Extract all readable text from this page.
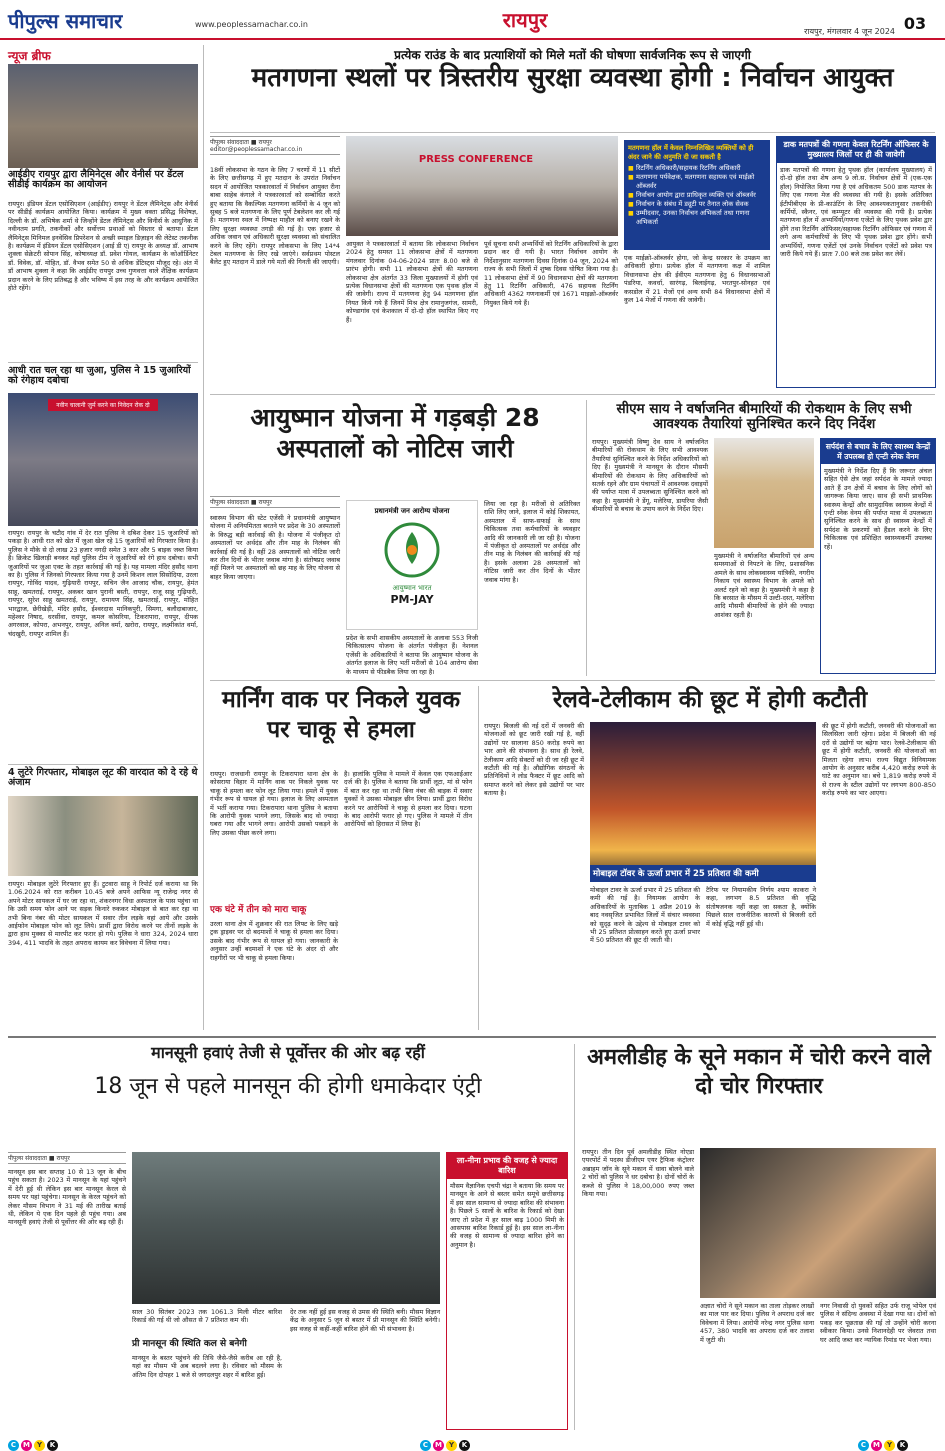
पीपुल्स समाचार	www.peoplessamachar.co.in	रायपुर	रायपुर, मंगलवार 4 जून 2024 03
न्यूज ब्रीफ
आईडीए रायपुर द्वारा लैमिनेट्स और वेनीर्स पर डेंटल सीडीई कार्यक्रम का आयोजन
रायपुर। इंडियन डेंटल एसोसिएशन (आईडीए) रायपुर ने डेंटल लैमिनेट्स और वेनीर्स पर सीडीई कार्यक्रम आयोजित किया। कार्यक्रम में मुख्य वक्ता प्रसिद्ध विशेषज्ञ, दिल्ली के डॉ. अभिषेक शर्मा थे जिन्होंने डेंटल लैमिनेट्स और विनीर्स के आधुनिक में नवीनतम प्रगति, तकनीकों और सर्वोत्तम प्रथाओं को विस्तार से बताया। डेंटल लैमिनेट्स मिनिमल इनवेसिव प्रिपरेशन से अच्छी स्माइल डिज़ाइन की लेटेस्ट तकनीक है। कार्यक्रम में इंडियन डेंटल एसोसिएशन (आई डी ए) रायपुर के अध्यक्ष डॉ. आभाष शुक्ला सेक्रेटरी सोपान सिंह, कोषाध्यक्ष डॉ. प्रवेश गोयल, कार्यक्रम के कोऑर्डिनेटर डॉ. विवेक, डॉ. मोहित, डॉ. वैभव समेत 50 से अधिक डेंटिस्ट्स मौजूद रहे। अंत में डॉ आभाष शुक्ला ने कहा कि आईडीए रायपुर उच्च गुणवत्ता वाले शैक्षिक कार्यक्रम प्रदान करने के लिए प्रतिबद्ध है और भविष्य में इस तरह के और कार्यक्रम आयोजित होते रहेंगे।
आधी रात चल रहा था जुआ, पुलिस ने 15 जुआरियों को रंगेहाथ दबोचा
नवीन चालानी जुर्म करने का निवेदन रोक दो
रायपुर। रायपुर के चटौद गांव में देर रात पुलिस ने दबिश देकर 15 जुआरियों को पकड़ा है। आधी रात को खेत में जुआ खेल रहे 15 जुआरियों को गिरफ्तार किया है। पुलिस ने मौके से दो लाख 23 हजार नगदी समेत 3 कार और 5 बाइक जब्त किया है। क्रिकेट खिलाड़ी बनकर यहाँ पुलिस टीम ने जुआरियों को रंगे हाथ दबोचा। सभी जुआरियों पर जुआ एक्ट के तहत कार्रवाई की गई है। यह मामला मंदिर हसौद थाना का है। पुलिस ने जिनको गिरफ्तार किया गया है उनमें किशन लाल सिसोदिया, उरला रायपुर, गोविंद यादव, गुढ़ियारी रायपुर, सचिन जैन आजाद चौक, रायपुर, हेमंत साहू, खमतराई, रायपुर, अकबर खान पुरानी बस्ती, रायपुर, राजू साहू गुढ़ियारी, रायपुर, सुरेश साहू खमतराई, रायपुर, रामायण सिंह, खमतराई, रायपुर, मोहित भारद्वाज, छेरीखेड़ी, मंदिर हसौद, ईश्वरदास मानिकपुरी, सिमगा, बलौदाबाजार, महेश्वर निषाद, धरसींवा, रायपुर, कमल कोसरिया, टिकरापारा, रायपुर, दीपक अगरवाल, कोपरा, अभनपुर, रायपुर, अनिल वर्मा, खरोरा, रायपुर, लक्ष्मीकांत वर्मा, चंदखुरी, रायपुर शामिल हैं।
4 लुटेरे गिरफ्तार, मोबाइल लूट की वारदात को दे रहे थे अंजाम
रायपुर। मोबाइल लुटेरे गिरफ्तार हुए हैं। टुटवारा साहू ने रिपोर्ट दर्ज कराया था कि 1.06.2024 को रात करीबन 10.45 बजे अपने आफिस न्यू राजेन्द्र नगर से अपने मोटर सायकल में घर जा रहा था, शंकरनगर विधा अस्पताल के पास पहुंचा था कि उसी समय फोन आने पर सड़क किनारे रुककर मोबाइल से बात कर रहा था तभी बिना नंबर की मोटर सायकल में सवार तीन लड़के वहां आये और उसके आईफोन मोबाइल फोन को लूट लिये। प्रार्थी द्वारा विरोध करने पर तीनों लड़के के द्वारा हाथ मुक्का से मारपीट कर फरार हो गये। पुलिस ने धारा 324, 2024 धारा 394, 411 भादवि के तहत अपराध कायम कर विवेचना में लिया गया।
प्रत्येक राउंड के बाद प्रत्याशियों को मिले मतों की घोषणा सार्वजनिक रूप से जाएगी
मतगणना स्थलों पर त्रिस्तरीय सुरक्षा व्यवस्था होगी : निर्वाचन आयुक्त
पीपुल्स संवाददाता ■ रायपुर
editor@peoplessamachar.co.in
18वीं लोकसभा के गठन के लिए 7 चरणों में 11 सीटों के लिए छत्तीसगढ़ में हुए मतदान के उपरांत निर्वाचन सदन में आयोजित पत्रकारवार्ता में निर्वाचन आयुक्त रीना बाबा साहेब कंगाले ने पत्रकारवार्ता को सम्बोधित करते हुए बताया कि वैकल्पिक मतगणना कर्मियों के 4 जून को सुबह 5 बजे मतगणना के लिए पूर्ण टेबलेशन कर ली गई है। मतगणना स्थल में निष्पक्ष माहौल को बनाए रखने के लिए सुरक्षा व्यवस्था तगड़ी की गई है। एक हजार से अधिक जवान एवं अधिकारी सुरक्षा व्यवस्था को संचालित करने के लिए रहेंगे। रायपुर लोकसभा के लिए 14*4 टेबल मतगणना के लिए रखे जाएंगे। सर्वप्रथम पोस्टल बैलेट हुए मतदान में डाले गये मतों की गिनती की जाएगी।
PRESS CONFERENCE
आयुक्त ने पत्रकारवार्ता में बताया कि लोकसभा निर्वाचन 2024 हेतु समस्त 11 लोकसभा क्षेत्रों में मतगणना मंगलवार दिनांक 04-06-2024 प्रातः 8.00 बजे से प्रारंभ होगी। सभी 11 लोकसभा क्षेत्रों की मतगणना लोकसभा क्षेत्र अंतर्गत 33 जिला मुख्यालयों में होगी एवं प्रत्येक विधानसभा क्षेत्रों की मतगणना एक पृथक हॉल में की जावेगी। राज्य में मतगणना हेतु 94 मतगणना हॉल नियत किये गये हैं जिनमें मिश्र क्षेत्र रामानुजगंज, सामरी, कोण्डागांव एवं केशकाल में दो-दो हॉल स्थापित किए गए हैं।
पूर्व सूचना सभी अभ्यर्थियों को रिटर्निंग अधिकारियों के द्वारा प्रदान कर दी गयी है। भारत निर्वाचन आयोग के निर्देशानुसार मतगणना दिवस दिनांक 04 जून, 2024 को राज्य के सभी जिलों में शुष्क दिवस घोषित किया गया है। 11 लोकसभा क्षेत्रों में 90 विधानसभा क्षेत्रों की मतगणना हेतु 11 रिटर्निंग अधिकारी, 476 सहायक रिटर्निंग अधिकारी 4362 गणनाकर्मी एवं 1671 माइक्रो-ऑब्जर्वर नियुक्त किये गये हैं।
मतगणना हॉल में केवल निम्नलिखित व्यक्तियों को ही अंदर जाने की अनुमति दी जा सकती है
■ रिटर्निंग अधिकारी/सहायक रिटर्निंग अधिकारी
■ मतगणना पर्यवेक्षक, मतगणना सहायक एवं माईक्रो ऑब्जर्वर
■ निर्वाचन आयोग द्वारा प्राधिकृत व्यक्ति एवं ऑब्जर्वर
■ निर्वाचन के संबंध में ड्यूटी पर तैनात लोक सेवक
■ उम्मीदवार, उनका निर्वाचन अभिकर्ता तथा गणना अभिकर्ता
एक माईक्रो-ऑब्जर्वर होगा, जो केन्द्र सरकार के उपक्रम का अधिकारी होगा। प्रत्येक हॉल में मतगणना कक्ष में शामिल विधानसभा क्षेत्र की ईवीएम मतगणना हेतु 6 विधानसभाओं पंडरिया, कवर्धा, सारंगढ़, बिलाईगढ़, भरतपुर-सोनहत एवं कसडोल में 21 मेजों एवं अन्य सभी 84 विधानसभा क्षेत्रों में कुल 14 मेजों में गणना की जावेगी।
डाक मतपत्रों की गणना केवल रिटर्निंग ऑफिसर के मुख्यालय जिलों पर ही की जावेगी
डाक मतपत्रों की गणना हेतु पृथक हॉल (कार्यालय मुख्यालय) में दो-दो हॉल तथा शेष अन्य 9 लो.स. निर्वाचन क्षेत्रों में (एक-एक हॉल) नियोजित किया गया है एवं अधिकतम 500 डाक मतपत्र के लिए एक गणना मेज की व्यवस्था की गयी है। इसके अतिरिक्त ईटीपीबीएस के प्री-काउंटिंग के लिए आवश्यकतानुसार तकनीकी कर्मियों, स्कैनर, एवं कम्प्यूटर की व्यवस्था की गयी है। प्रत्येक मतगणना हॉल में अभ्यर्थियों/गणना एजेंटों के लिए पृथक प्रवेश द्वार होंगे तथा रिटर्निंग ऑफिसर/सहायक रिटर्निंग ऑफिसर एवं गणना में लगे अन्य कर्मचारियों के लिए भी पृथक प्रवेश द्वार होंगे। सभी अभ्यर्थियों, गणना एजेंटों एवं उनके निर्वाचन एजेंटों को प्रवेश पत्र जारी किये गये हैं। प्रातः 7.00 बजे तक प्रवेश कर लेवें।
आयुष्मान योजना में गड़बड़ी 28 अस्पतालों को नोटिस जारी
पीपुल्स संवाददाता ■ रायपुर
स्वास्थ्य विभाग की स्टेट एजेंसी ने प्रधानमंत्री आयुष्मान योजना में अनियमितता बरतने पर प्रदेश के 30 अस्पतालों के विरुद्ध बड़ी कार्रवाई की है। योजना में पंजीकृत दो अस्पतालों पर अर्थदंड और तीन माह के निलंबन की कार्रवाई की गई है। वहीं 28 अस्पतालों को नोटिस जारी कर तीन दिनों के भीतर जवाब मांगा है। संतोषप्रद जवाब नहीं मिलने पर अस्पतालों को छह माह के लिए योजना से बाहर किया जाएगा।
प्रधानमंत्री जन आरोग्य योजना
आयुष्मान भारत
PM-JAY
प्रदेश के सभी शासकीय अस्पतालों के अलावा 553 निजी चिकित्सालय योजना के अंतर्गत पंजीकृत हैं। नेशनल एजेंसी के अधिकारियों ने बताया कि आयुष्मान योजना के अंतर्गत इलाज के लिए भर्ती मरीजों से 104 आरोग्य सेवा के माध्यम से फीडबैक लिया जा रहा है।
लिया जा रहा है। मरीजों से अतिरिक्त राशि लिए जाने, इलाज में कोई शिकायत, अस्पताल में साफ-सफाई के साथ चिकित्सक तथा कर्मचारियों के व्यवहार आदि की जानकारी ली जा रही है। योजना में पंजीकृत दो अस्पतालों पर अर्थदंड और तीन माह के निलंबन की कार्रवाई की गई है। इसके अलावा 28 अस्पतालों को नोटिस जारी कर तीन दिनों के भीतर जवाब मांगा है।
सीएम साय ने वर्षाजनित बीमारियों की रोकथाम के लिए सभी आवश्यक तैयारियां सुनिश्चित करने दिए निर्देश
रायपुर। मुख्यमंत्री विष्णु देव साय ने वर्षाजनित बीमारियों की रोकथाम के लिए सभी आवश्यक तैयारियां सुनिश्चित करने के निर्देश अधिकारियों को दिए हैं। मुख्यमंत्री ने मानसून के दौरान मौसमी बीमारियों की रोकथाम के लिए अधिकारियों को सतर्क रहने और ग्राम पंचायतों में आवश्यक दवाइयों की पर्याप्त मात्रा में उपलब्धता सुनिश्चित करने को कहा है। मुख्यमंत्री ने डेंगू, मलेरिया, डायरिया जैसी बीमारियों से बचाव के उपाय करने के निर्देश दिए।
मुख्यमंत्री ने वर्षाजनित बीमारियों एवं अन्य समस्याओं से निपटने के लिए, प्रशासनिक अमले के साथ लोकस्वास्थ्य यांत्रिकी, नगरीय निकाय एवं स्वास्थ्य विभाग के अमले को अलर्ट रहने को कहा है। मुख्यमंत्री ने कहा है कि बरसात के मौसम में उल्टी-दस्त, मलेरिया आदि मौसमी बीमारियों के होने की ज्यादा आशंका रहती है।
सर्पदंश से बचाव के लिए स्वास्थ्य केन्द्रों में उपलब्ध हो एन्टी स्नेक वेनम
मुख्यमंत्री ने निर्देश दिए हैं कि जरूरत अंचल सहित ऐसे क्षेत्र जहां सर्पदंश के मामले ज्यादा आते हैं उन क्षेत्रों में बचाव के लिए लोगों को जागरूक किया जाए। साथ ही सभी प्राथमिक स्वास्थ्य केन्द्रों और सामुदायिक स्वास्थ्य केन्द्रों में एन्टी स्नेक वेनम की पर्याप्त मात्रा में उपलब्धता सुनिश्चित करने के साथ ही स्वास्थ्य केन्द्रों में सर्पदंश के प्रकरणों को हैंडल करने के लिए चिकित्सक एवं प्रशिक्षित स्वास्थ्यकर्मी उपलब्ध रहें।
मार्निंग वाक पर निकले युवक पर चाकू से हमला
रायपुर। राजधानी रायपुर के टिकरापारा थाना क्षेत्र के कोसराया विहार में मार्निंग वाक पर निकले युवक पर चाकू से हमला कर फोन लूट लिया गया। हमले में युवक गंभीर रूप से घायल हो गया। इलाज के लिए अस्पताल में भर्ती कराया गया। टिकरापारा थाना पुलिस ने बताया कि आरोपी युवक भागने लगा, जिसके बाद वो ज्यादा घबरा गया और भागने लगा। आरोपी उसको पकड़ने के लिए उसका पीछा करने लगा।
एक घंटे में तीन को मारा चाकू
उरला थाना क्षेत्र में शुक्रवार की रात लिफ्ट के लिए खड़े ट्रक ड्राइवर पर दो बदमाशों ने चाकू से हमला कर दिया। उसके बाद गंभीर रूप से घायल हो गया। जानकारी के अनुसार उन्हीं बदमाशों ने एक घंटे के अंदर दो और राहगीरों पर भी चाकू से हमला किया।
है। हालांकि पुलिस ने मामले में केवल एक एफआईआर दर्ज की है। पुलिस ने बताया कि प्रार्थी लूटा, मां से फोन में बात कर रहा था तभी बिना नंबर की बाइक में सवार युवकों ने उसका मोबाइल छीन लिया। प्रार्थी द्वारा विरोध करने पर आरोपियों ने चाकू से हमला कर दिया। घटना के बाद आरोपी फरार हो गए। पुलिस ने मामले में तीन आरोपियों को हिरासत में लिया है।
रेलवे-टेलीकाम की छूट में होगी कटौती
रायपुर। बिजली की नई दरों में जनवरी की योजनाओं को छूट जारी रखी गई है, वहीं उद्योगों पर सालाना 850 करोड़ रुपये का भार आने की संभावना है। साथ ही रेलवे, टेलीकाम आदि सेक्टरों को दी जा रही छूट में कटौती की गई है। औद्योगिक संगठनों के प्रतिनिधियों ने लोड फैक्टर में छूट आदि को समाप्त करने को लेकर इसे उद्योगों पर भार बताया है।
मोबाइल टॉवर के ऊर्जा प्रभार में 25 प्रतिशत की कमी
मोबाइल टावर के ऊर्जा प्रभार में 25 प्रतिशत की कमी की गई है। नियामक आयोग के अधिकारियों के मुताबिक 1 अप्रैल 2019 के बाद नवसृजित प्रभावित जिलों में संचार व्यवस्था को सुदृढ़ करने के उद्देश्य से मोबाइल टावर को भी 25 प्रतिशत प्रोत्साहन करते हुए ऊर्जा प्रभार में 50 प्रतिशत की छूट दी जाती थी।
टैरिफ पर नियामकीय निर्णय श्याम काकरा ने कहा, लगभग 8.5 प्रतिशत की वृद्धि संतोषजनक नहीं कहा जा सकता है, क्योंकि पिछले साल राजनीतिक कारणों से बिजली दरों में कोई वृद्धि नहीं हुई थी।
की छूट में होगी कटौती, जनवरी की योजनाओं का सिलसिला जारी रहेगा। प्रदेश में बिजली की नई दरों से उद्योगों पर बढ़ेगा भार। रेलवे-टेलीकाम की छूट में होगी कटौती, जनवरी की योजनाओं का मिलता रहेगा लाभ। राज्य विद्युत विनियामक आयोग के अनुसार करीब 4,420 करोड़ रुपये के घाटे का अनुमान था। बचे 1,819 करोड़ रुपये में से राज्य के स्टील उद्योगों पर लगभग 800-850 करोड़ रुपये का भार आएगा।
मानसूनी हवाएं तेजी से पूर्वोत्तर की ओर बढ़ रहीं
18 जून से पहले मानसून की होगी धमाकेदार एंट्री
पीपुल्स संवाददाता ■ रायपुर
मानसून इस बार सप्ताह 10 से 13 जून के बीच पहुंच सकता है। 2023 में मानसून के यहां पहुंचने में देरी हुई थी लेकिन इस बार मानसून केरल से समय पर यहां पहुंचेगा। मानसून के केरल पहुंचने को लेकर मौसम विभाग ने 31 मई की तारीख बताई थी, लेकिन ये एक दिन पहले ही पहुंच गया। अब मानसूनी हवाएं तेजी से पूर्वोत्तर की ओर बढ़ रही हैं।
साल 30 सितंबर 2023 तक 1061.3 मिली मीटर बारिश रिकार्ड की गई थी जो औसत से 7 प्रतिशत कम थी।
प्री मानसून की स्थिति कल से बनेगी
मानसून के बस्तर पहुंचने की तिथि जैसे-जैसे करीब आ रही है, यहां का मौसम भी अब बदलने लगा है। रविवार को मौसम के अंतिम दिन दोपहर 1 बजे से जगदलपुर शहर में बारिश हुई।
देर तक नहीं हुई इस वजह से उमस की स्थिति बनी। मौसम विज्ञान केंद्र के अनुसार 5 जून से बस्तर में प्री मानसून की स्थिति बनेगी। इस वजह से कहीं-कहीं बारिश होने की भी संभावना है।
ला-नीना प्रभाव की वजह से ज्यादा बारिश
मौसम वैज्ञानिक एचपी चंद्रा ने बताया कि समय पर मानसून के आने से बस्तर समेत समूचे छत्तीसगढ़ में इस साल सामान्य से ज्यादा बारिश की संभावना है। पिछले 5 सालों के बारिश के रिकार्ड को देखा जाए तो प्रदेश में हर साल बाढ़ 1000 मिमी के आसपास बारिश रिकार्ड हुई है। इस साल ला-नीना की वजह से सामान्य से ज्यादा बारिश होने का अनुमान है।
अमलीडीह के सूने मकान में चोरी करने वाले दो चोर गिरफ्तार
रायपुर। तीन दिन पूर्व अमलीडीह स्थित नोएडा एयरपोर्ट में पदस्थ डीजीएम एयर ट्रैफिक कंट्रोलर अब्राहम जॉन के सूने मकान में धावा बोलने वाले 2 चोरों को पुलिस ने धर दबोचा है। दोनों चोरों के कब्जे से पुलिस ने 18,00,000 रुपए जब्त किया गया।
अज्ञात चोरों ने सूने मकान का ताला तोड़कर लाखों का माल पार कर दिया। पुलिस ने अपराध दर्ज कर विवेचना में लिया। आरोपी नरेन्द्र नगर पुलिस थाना 457, 380 भादवि का अपराध दर्ज कर तलाश में जुटी थी।
नगर निवासी दो युवकों सहित उर्फ राजू भोपेल एवं पुलिस ने संदिग्ध अवस्था में देखा गया था। दोनों को पकड़ कर पूछताछ की गई तो उन्होंने चोरी करना स्वीकार किया। उनसे निशानदेही पर जेवरात तथा घर आदि जब्त कर न्यायिक रिमांड पर भेजा गया।
C M Y K	C M Y K	C M Y K
